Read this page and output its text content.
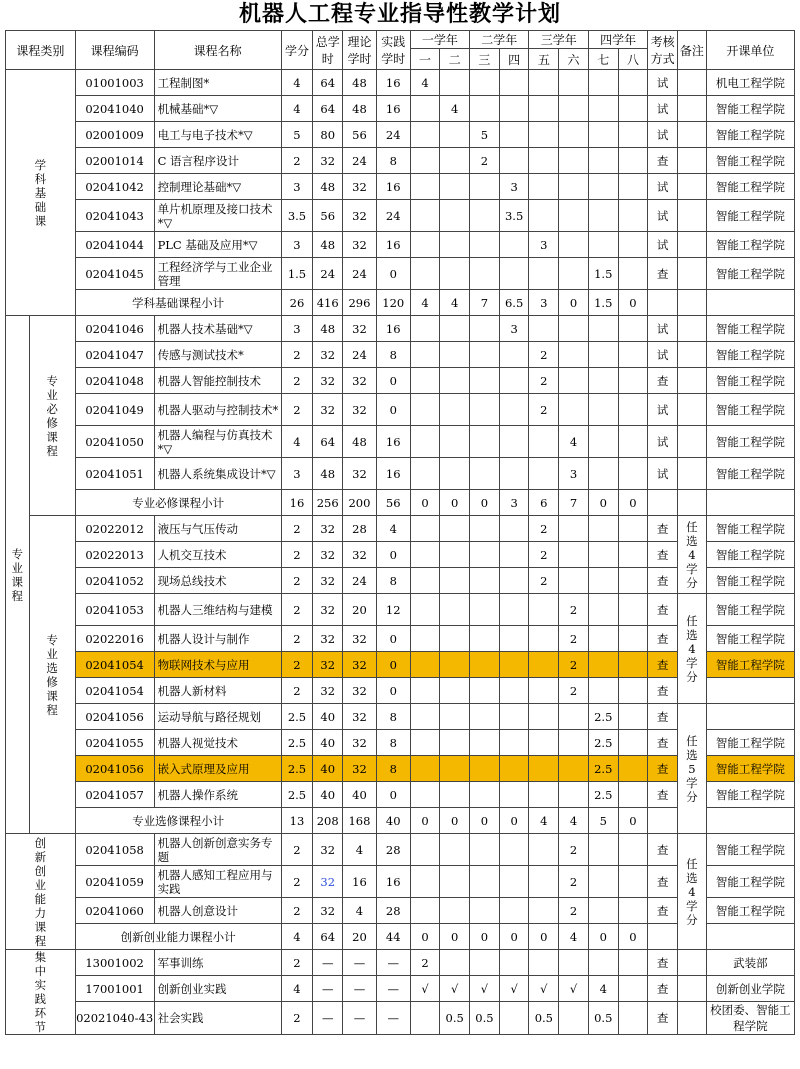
机器人工程专业指导性教学计划
课程类别		课程编码	课程名称	学分	总学时	理论学时	实践学时	一学年		二学年		三学年		四学年		考核方式	备注	开课单位
								一	二	三	四	五	六	七	八			
学科基础课		01001003	工程制图*	4	64	48	16	4								试		机电工程学院
		02041040	机械基础*▽	4	64	48	16		4							试		智能工程学院
		02001009	电工与电子技术*▽	5	80	56	24			5						试		智能工程学院
		02001014	C 语言程序设计	2	32	24	8			2						查		智能工程学院
		02041042	控制理论基础*▽	3	48	32	16				3					试		智能工程学院
		02041043	单片机原理及接口技术*▽	3.5	56	32	24				3.5					试		智能工程学院
		02041044	PLC 基础及应用*▽	3	48	32	16					3				试		智能工程学院
		02041045	工程经济学与工业企业管理	1.5	24	24	0							1.5		查		智能工程学院
		学科基础课程小计		26	416	296	120	4	4	7	6.5	3	0	1.5	0			
专业课程	专业必修课程	02041046	机器人技术基础*▽	3	48	32	16				3					试		智能工程学院
		02041047	传感与测试技术*	2	32	24	8					2				试		智能工程学院
		02041048	机器人智能控制技术	2	32	32	0					2				查		智能工程学院
		02041049	机器人驱动与控制技术*	2	32	32	0					2				试		智能工程学院
		02041050	机器人编程与仿真技术*▽	4	64	48	16						4			试		智能工程学院
		02041051	机器人系统集成设计*▽	3	48	32	16						3			试		智能工程学院
		专业必修课程小计		16	256	200	56	0	0	0	3	6	7	0	0			
	专业选修课程	02022012	液压与气压传动	2	32	28	4					2				查	任选4学分	智能工程学院
		02022013	人机交互技术	2	32	32	0					2				查		智能工程学院
		02041052	现场总线技术	2	32	24	8					2				查		智能工程学院
		02041053	机器人三维结构与建模	2	32	20	12						2			查	任选4学分	智能工程学院
		02022016	机器人设计与制作	2	32	32	0						2			查		智能工程学院
		02041054	物联网技术与应用	2	32	32	0						2			查		智能工程学院
		02041054	机器人新材料	2	32	32	0						2			查		
		02041056	运动导航与路径规划	2.5	40	32	8							2.5		查	任选5学分	
		02041055	机器人视觉技术	2.5	40	32	8							2.5		查		智能工程学院
		02041056	嵌入式原理及应用	2.5	40	32	8							2.5		查		智能工程学院
		02041057	机器人操作系统	2.5	40	40	0							2.5		查		智能工程学院
		专业选修课程小计		13	208	168	40	0	0	0	0	4	4	5	0			
创新创业能力课程		02041058	机器人创新创意实务专题	2	32	4	28						2			查	任选4学分	智能工程学院
		02041059	机器人感知工程应用与实践	2	32	16	16						2			查		智能工程学院
		02041060	机器人创意设计	2	32	4	28						2			查		智能工程学院
		创新创业能力课程小计		4	64	20	44	0	0	0	0	0	4	0	0			
集中实践环节		13001002	军事训练	2	—	—	—	2								查		武装部
		17001001	创新创业实践	4	—	—	—	√	√	√	√	√	√	4		查		创新创业学院
		02021040-43	社会实践	2	—	—	—		0.5	0.5		0.5		0.5		查		校团委、智能工程学院
